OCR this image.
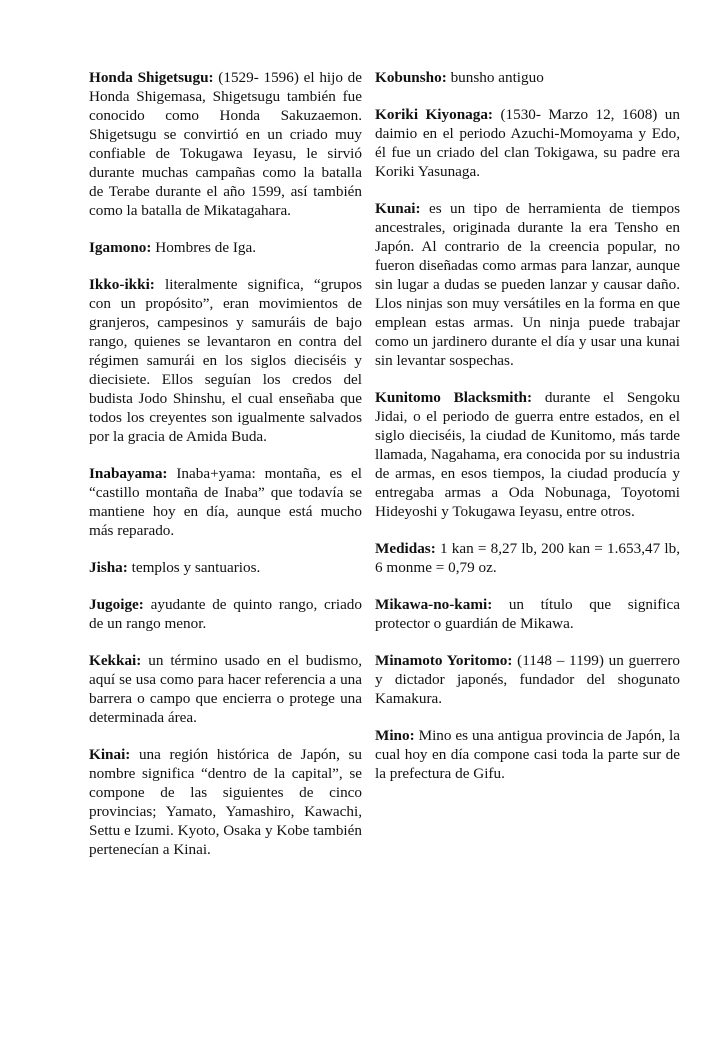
Honda Shigetsugu: (1529- 1596) el hijo de Honda Shigemasa, Shigetsugu también fue conocido como Honda Sakuzaemon. Shigetsugu se convirtió en un criado muy confiable de Tokugawa Ieyasu, le sirvió durante muchas campañas como la batalla de Terabe durante el año 1599, así también como la batalla de Mikatagahara.

Igamono: Hombres de Iga.

Ikko-ikki: literalmente significa, “grupos con un propósito”, eran movimientos de granjeros, campesinos y samuráis de bajo rango, quienes se levantaron en contra del régimen samurái en los siglos dieciséis y diecisiete. Ellos seguían los credos del budista Jodo Shinshu, el cual enseñaba que todos los creyentes son igualmente salvados por la gracia de Amida Buda.

Inabayama: Inaba+yama: montaña, es el “castillo montaña de Inaba” que todavía se mantiene hoy en día, aunque está mucho más reparado.

Jisha: templos y santuarios.

Jugoige: ayudante de quinto rango, criado de un rango menor.

Kekkai: un término usado en el budismo, aquí se usa como para hacer referencia a una barrera o campo que encierra o protege una determinada área.

Kinai: una región histórica de Japón, su nombre significa “dentro de la capital”, se compone de las siguientes de cinco provincias; Yamato, Yamashiro, Kawachi, Settu e Izumi. Kyoto, Osaka y Kobe también pertenecían a Kinai.

Kobunsho: bunsho antiguo

Koriki Kiyonaga: (1530- Marzo 12, 1608) un daimio en el periodo Azuchi-Momoyama y Edo, él fue un criado del clan Tokigawa, su padre era Koriki Yasunaga.

Kunai: es un tipo de herramienta de tiempos ancestrales, originada durante la era Tensho en Japón. Al contrario de la creencia popular, no fueron diseñadas como armas para lanzar, aunque sin lugar a dudas se pueden lanzar y causar daño. Llos ninjas son muy versátiles en la forma en que emplean estas armas. Un ninja puede trabajar como un jardinero durante el día y usar una kunai sin levantar sospechas.

Kunitomo Blacksmith: durante el Sengoku Jidai, o el periodo de guerra entre estados, en el siglo dieciséis, la ciudad de Kunitomo, más tarde llamada, Nagahama, era conocida por su industria de armas, en esos tiempos, la ciudad producía y entregaba armas a Oda Nobunaga, Toyotomi Hideyoshi y Tokugawa Ieyasu, entre otros.

Medidas: 1 kan = 8,27 lb, 200 kan = 1.653,47 lb, 6 monme = 0,79 oz.

Mikawa-no-kami: un título que significa protector o guardián de Mikawa.

Minamoto Yoritomo: (1148 – 1199) un guerrero y dictador japonés, fundador del shogunato Kamakura.

Mino: Mino es una antigua provincia de Japón, la cual hoy en día compone casi toda la parte sur de la prefectura de Gifu.
